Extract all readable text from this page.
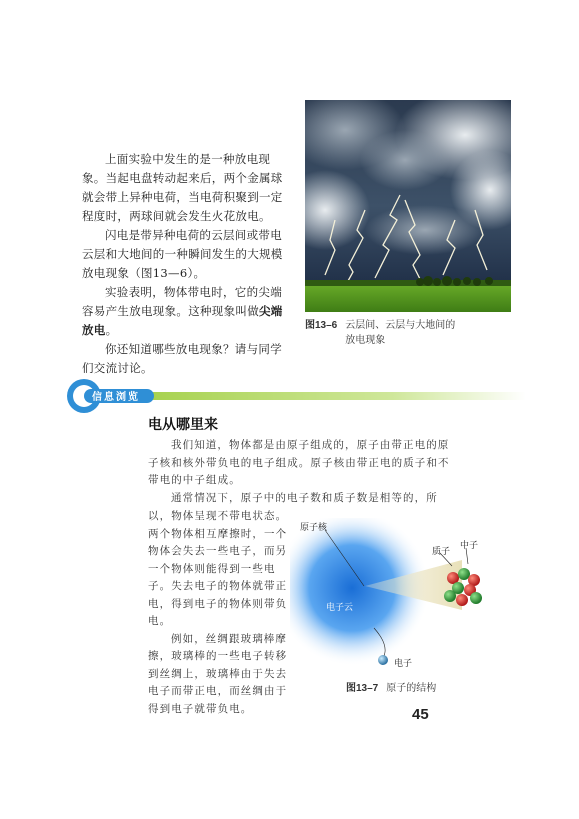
上面实验中发生的是一种放电现象。当起电盘转动起来后，两个金属球就会带上异种电荷，当电荷积聚到一定程度时，两球间就会发生火花放电。

闪电是带异种电荷的云层间或带电云层和大地间的一种瞬间发生的大规模放电现象（图13—6）。

实验表明，物体带电时，它的尖端容易产生放电现象。这种现象叫做尖端放电。

你还知道哪些放电现象？请与同学们交流讨论。

图13–6 云层间、云层与大地间的放电现象
信息浏览
电从哪里来

我们知道，物体都是由原子组成的，原子由带正电的原子核和核外带负电的电子组成。原子核由带正电的质子和不带电的中子组成。

通常情况下，原子中的电子数和质子数是相等的，所

以，物体呈现不带电状态。两个物体相互摩擦时，一个物体会失去一些电子，而另一个物体则能得到一些电子。失去电子的物体就带正电，得到电子的物体则带负电。

例如，丝绸跟玻璃棒摩擦，玻璃棒的一些电子转移到丝绸上，玻璃棒由于失去电子而带正电，而丝绸由于得到电子就带负电。

原子核
质子
中子
电子云
电子
图13–7 原子的结构
45
